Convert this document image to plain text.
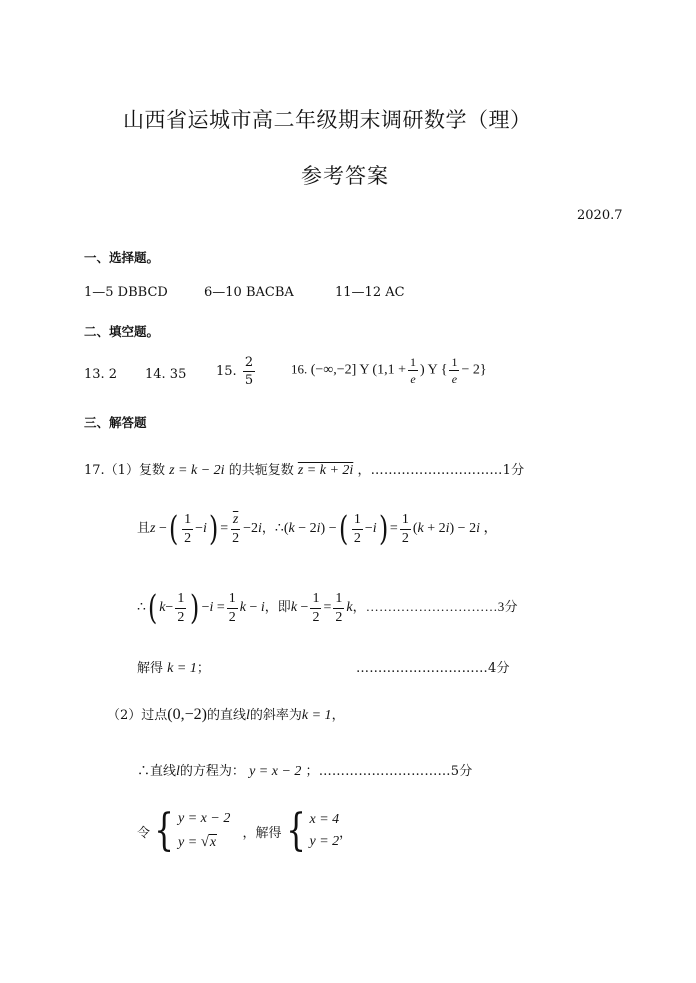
山西省运城市高二年级期末调研数学（理）
参考答案
2020.7
一、选择题。
1—5 DBBCD	6—10 BACBA	11—12 AC
二、填空题。
13. 2 14. 35 15. $\frac{2}{5}$	16. (−∞,−2] Y ($1,1 + \frac{1}{e}$ ) Y { $\frac{1}{e} - 2$}
三、解答题
17.（1）复数 z = k − 2i 的共轭复数 z = k + 2i ，…………………………1分
且z −( $\frac{1}{2} -i) = \frac{\overline{z}}{2} -2i$，∴(k − 2i) −( $\frac{1}{2} -i) = \frac{1}{2} (k + 2i) - 2i$ ，
∴( $k- \frac{1}{2}$ ) $-i = \frac{1}{2}$ k − i，即$k - \frac{1}{2} = \frac{1}{2}$ k，…………………………3分
解得 k = 1；	…………………………4分
（2）过点(0,−2)的直线l的斜率为k = 1，
∴直线l的方程为： y = x − 2 ；…………………………5分
令{ y = x − 2
y = √x
，解得{ x = 4
y = 2
，
